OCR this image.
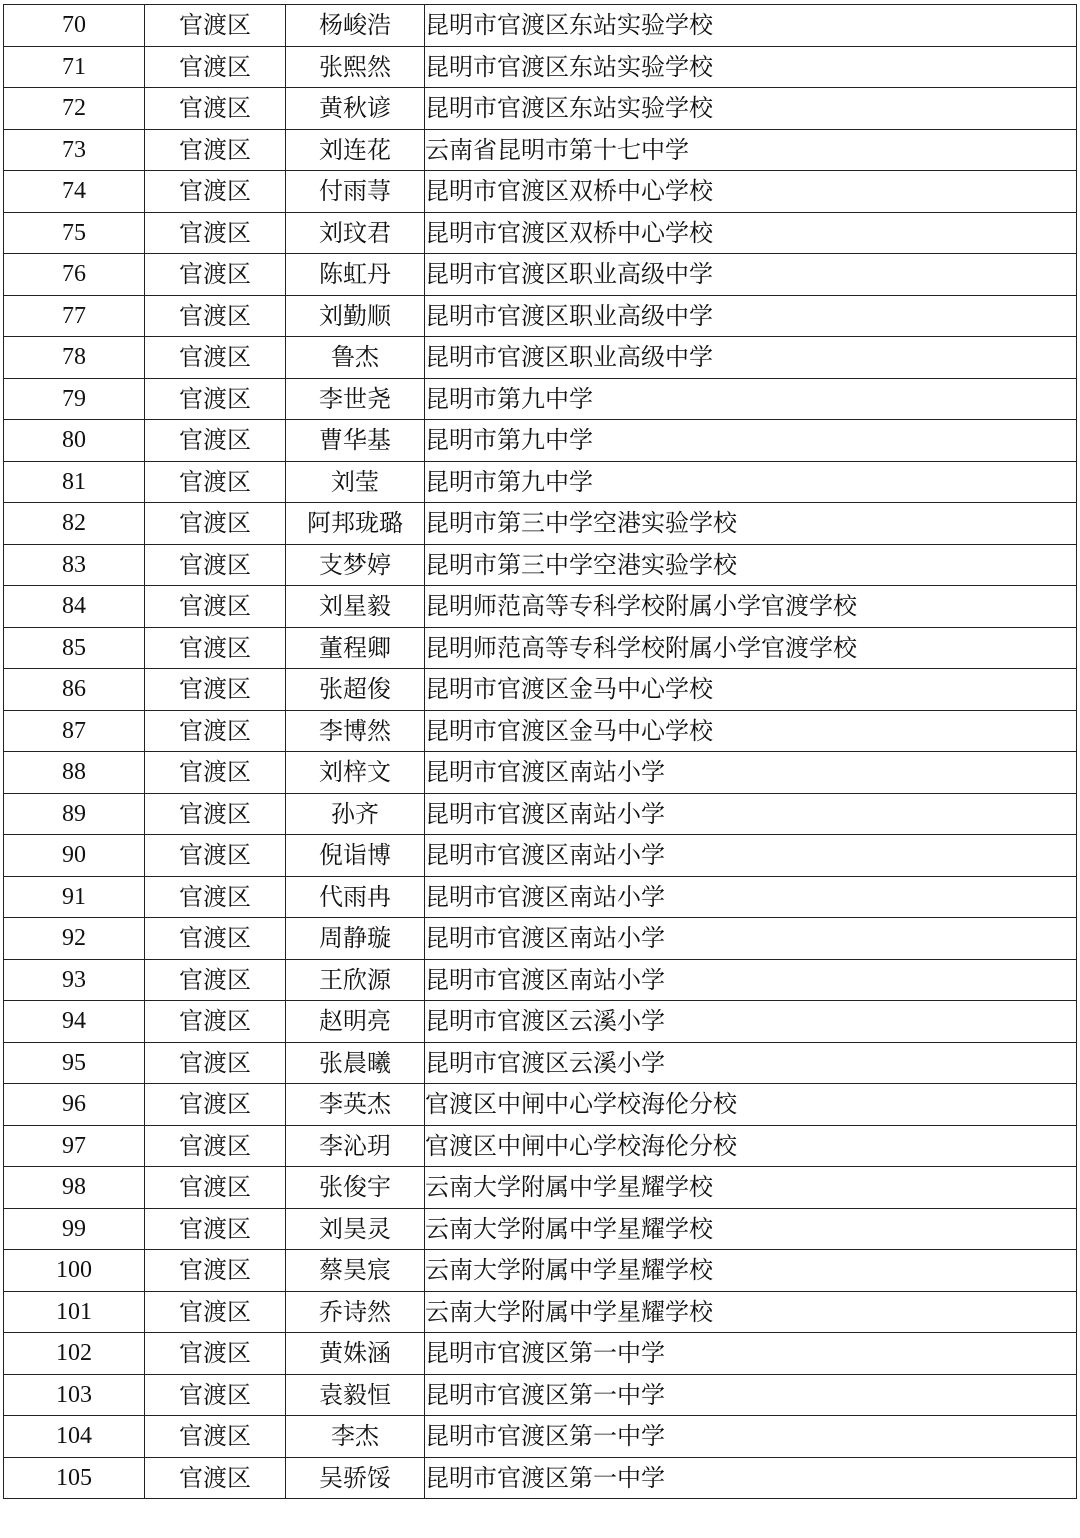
70	官渡区	杨峻浩	昆明市官渡区东站实验学校
71	官渡区	张熙然	昆明市官渡区东站实验学校
72	官渡区	黄秋谚	昆明市官渡区东站实验学校
73	官渡区	刘连花	云南省昆明市第十七中学
74	官渡区	付雨荨	昆明市官渡区双桥中心学校
75	官渡区	刘玟君	昆明市官渡区双桥中心学校
76	官渡区	陈虹丹	昆明市官渡区职业高级中学
77	官渡区	刘勤顺	昆明市官渡区职业高级中学
78	官渡区	鲁杰	昆明市官渡区职业高级中学
79	官渡区	李世尧	昆明市第九中学
80	官渡区	曹华基	昆明市第九中学
81	官渡区	刘莹	昆明市第九中学
82	官渡区	阿邦珑璐	昆明市第三中学空港实验学校
83	官渡区	支梦婷	昆明市第三中学空港实验学校
84	官渡区	刘星毅	昆明师范高等专科学校附属小学官渡学校
85	官渡区	董程卿	昆明师范高等专科学校附属小学官渡学校
86	官渡区	张超俊	昆明市官渡区金马中心学校
87	官渡区	李博然	昆明市官渡区金马中心学校
88	官渡区	刘梓文	昆明市官渡区南站小学
89	官渡区	孙齐	昆明市官渡区南站小学
90	官渡区	倪诣博	昆明市官渡区南站小学
91	官渡区	代雨冉	昆明市官渡区南站小学
92	官渡区	周静璇	昆明市官渡区南站小学
93	官渡区	王欣源	昆明市官渡区南站小学
94	官渡区	赵明亮	昆明市官渡区云溪小学
95	官渡区	张晨曦	昆明市官渡区云溪小学
96	官渡区	李英杰	官渡区中闸中心学校海伦分校
97	官渡区	李沁玥	官渡区中闸中心学校海伦分校
98	官渡区	张俊宇	云南大学附属中学星耀学校
99	官渡区	刘昊灵	云南大学附属中学星耀学校
100	官渡区	蔡昊宸	云南大学附属中学星耀学校
101	官渡区	乔诗然	云南大学附属中学星耀学校
102	官渡区	黄姝涵	昆明市官渡区第一中学
103	官渡区	袁毅恒	昆明市官渡区第一中学
104	官渡区	李杰	昆明市官渡区第一中学
105	官渡区	吴骄馁	昆明市官渡区第一中学
